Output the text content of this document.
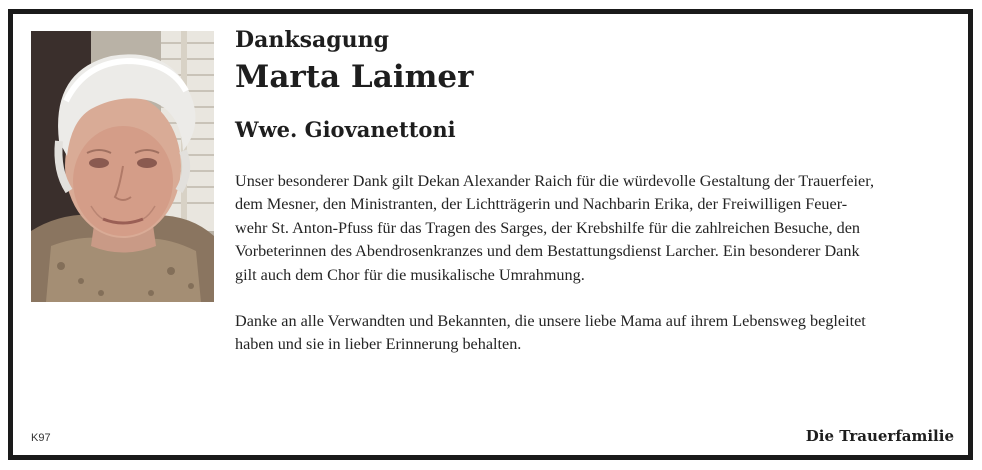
Danksagung
Marta Laimer
Wwe. Giovanettoni

Unser besonderer Dank gilt Dekan Alexander Raich für die würdevolle Gestaltung der Trauerfeier,
dem Mesner, den Ministranten, der Lichtträgerin und Nachbarin Erika, der Freiwilligen Feuer-
wehr St. Anton-Pfuss für das Tragen des Sarges, der Krebshilfe für die zahlreichen Besuche, den
Vorbeterinnen des Abendrosenkranzes und dem Bestattungsdienst Larcher. Ein besonderer Dank
gilt auch dem Chor für die musikalische Umrahmung.

Danke an alle Verwandten und Bekannten, die unsere liebe Mama auf ihrem Lebensweg begleitet
haben und sie in lieber Erinnerung behalten.

K97	Die Trauerfamilie
